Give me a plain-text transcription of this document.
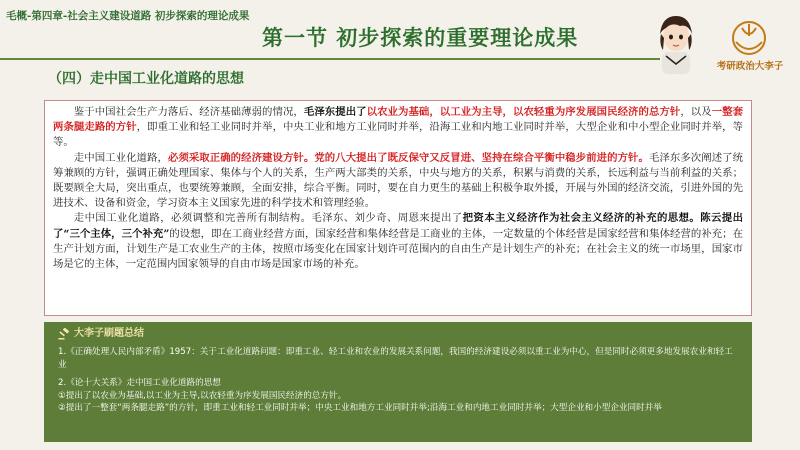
毛概-第四章-社会主义建设道路 初步探索的理论成果
第一节 初步探索的重要理论成果
考研政治大李子
（四）走中国工业化道路的思想

鉴于中国社会生产力落后、经济基础薄弱的情况，毛泽东提出了以农业为基础，以工业为主导，以农轻重为序发展国民经济的总方针，以及一整套两条腿走路的方针，即重工业和轻工业同时并举，中央工业和地方工业同时并举，沿海工业和内地工业同时并举，大型企业和中小型企业同时并举，等等。

走中国工业化道路，必须采取正确的经济建设方针。党的八大提出了既反保守又反冒进、坚持在综合平衡中稳步前进的方针。毛泽东多次阐述了统筹兼顾的方针，强调正确处理国家、集体与个人的关系，生产两大部类的关系，中央与地方的关系，积累与消费的关系，长远利益与当前利益的关系；既要顾全大局，突出重点，也要统筹兼顾，全面安排，综合平衡。同时，要在自力更生的基础上积极争取外援，开展与外国的经济交流，引进外国的先进技术、设备和资金，学习资本主义国家先进的科学技术和管理经验。

走中国工业化道路，必须调整和完善所有制结构。毛泽东、刘少奇、周恩来提出了把资本主义经济作为社会主义经济的补充的思想。陈云提出了“三个主体，三个补充”的设想，即在工商业经营方面，国家经营和集体经营是工商业的主体，一定数量的个体经营是国家经营和集体经营的补充；在生产计划方面，计划生产是工农业生产的主体，按照市场变化在国家计划许可范围内的自由生产是计划生产的补充；在社会主义的统一市场里，国家市场是它的主体，一定范围内国家领导的自由市场是国家市场的补充。

大李子刷题总结
1.《正确处理人民内部矛盾》1957：关于工业化道路问题：即重工业、轻工业和农业的发展关系问题，我国的经济建设必须以重工业为中心，但是同时必须更多地发展农业和轻工业
2.《论十大关系》走中国工业化道路的思想
①提出了以农业为基础,以工业为主导,以农轻重为序发展国民经济的总方针。
②提出了一整套“两条腿走路”的方针，即重工业和轻工业同时并举；中央工业和地方工业同时并举;沿海工业和内地工业同时并举；大型企业和小型企业同时并举
